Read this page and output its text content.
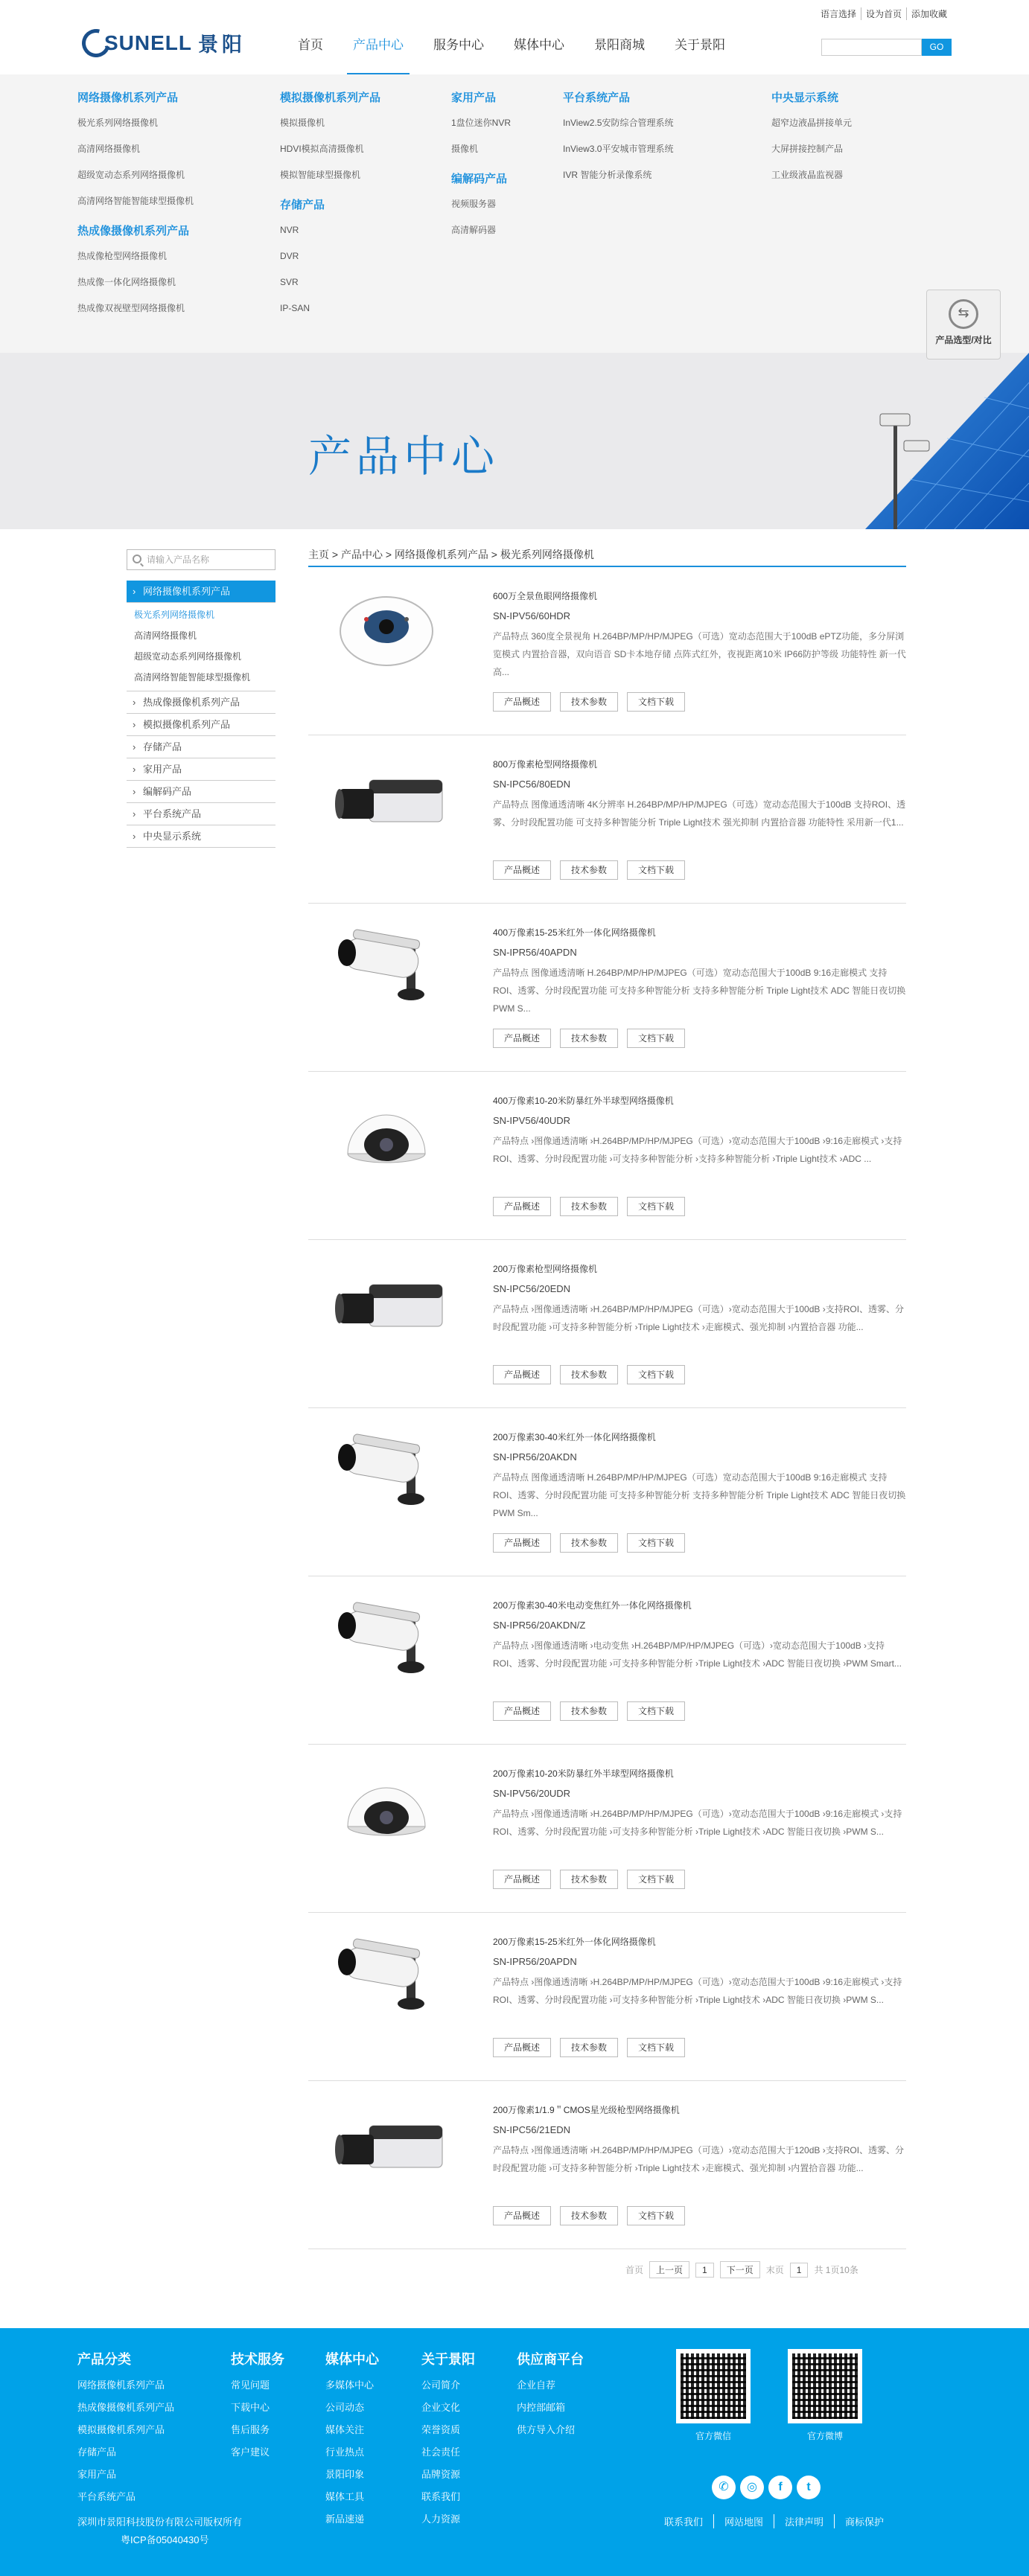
SUNELL 景阳
语言选择	设为首页	添加收藏
首页	产品中心	服务中心	媒体中心	景阳商城	关于景阳	GO
网络摄像机系列产品
极光系列网络摄像机
高清网络摄像机
超级宽动态系列网络摄像机
高清网络智能智能球型摄像机
热成像摄像机系列产品
热成像枪型网络摄像机
热成像一体化网络摄像机
热成像双视壁型网络摄像机
模拟摄像机系列产品
模拟摄像机
HDVI模拟高清摄像机
模拟智能球型摄像机
存储产品
NVR
DVR
SVR
IP-SAN
家用产品
1盘位迷你NVR
摄像机
编解码产品
视频服务器
高清解码器
平台系统产品
InView2.5安防综合管理系统
InView3.0平安城市管理系统
IVR 智能分析录像系统
中央显示系统
超窄边液晶拼接单元
大屏拼接控制产品
工业级液晶监视器
⇆
产品选型/对比
产品中心
请输入产品名称
› 网络摄像机系列产品
极光系列网络摄像机
高清网络摄像机
超级宽动态系列网络摄像机
高清网络智能智能球型摄像机
› 热成像摄像机系列产品
› 模拟摄像机系列产品
› 存储产品
› 家用产品
› 编解码产品
› 平台系统产品
› 中央显示系统
主页 > 产品中心 > 网络摄像机系列产品 > 极光系列网络摄像机
600万全景鱼眼网络摄像机
SN-IPV56/60HDR
产品特点 360度全景视角 H.264BP/MP/HP/MJPEG（可选）宽动态范围大于100dB ePTZ功能，多分屏浏览模式 内置拾音器，双向语音 SD卡本地存储 点阵式红外，夜视距离10米 IP66防护等级 功能特性 新一代高...
产品概述	技术参数	文档下载
800万像素枪型网络摄像机
SN-IPC56/80EDN
产品特点 图像通透清晰 4K分辨率 H.264BP/MP/HP/MJPEG（可选）宽动态范围大于100dB 支持ROI、透雾、分时段配置功能 可支持多种智能分析 Triple Light技术 强光抑制 内置拾音器 功能特性 采用新一代1...
产品概述	技术参数	文档下载
400万像素15-25米红外一体化网络摄像机
SN-IPR56/40APDN
产品特点 图像通透清晰 H.264BP/MP/HP/MJPEG（可选）宽动态范围大于100dB 9:16走廊模式 支持ROI、透雾、分时段配置功能 可支持多种智能分析 支持多种智能分析 Triple Light技术 ADC 智能日夜切换 PWM S...
产品概述	技术参数	文档下载
400万像素10-20米防暴红外半球型网络摄像机
SN-IPV56/40UDR
产品特点 ›图像通透清晰 ›H.264BP/MP/HP/MJPEG（可选）›宽动态范围大于100dB ›9:16走廊模式 ›支持ROI、透雾、分时段配置功能 ›可支持多种智能分析 ›支持多种智能分析 ›Triple Light技术 ›ADC ...
产品概述	技术参数	文档下载
200万像素枪型网络摄像机
SN-IPC56/20EDN
产品特点 ›图像通透清晰 ›H.264BP/MP/HP/MJPEG（可选）›宽动态范围大于100dB ›支持ROI、透雾、分时段配置功能 ›可支持多种智能分析 ›Triple Light技术 ›走廊模式、强光抑制 ›内置拾音器 功能...
产品概述	技术参数	文档下载
200万像素30-40米红外一体化网络摄像机
SN-IPR56/20AKDN
产品特点 图像通透清晰 H.264BP/MP/HP/MJPEG（可选）宽动态范围大于100dB 9:16走廊模式 支持ROI、透雾、分时段配置功能 可支持多种智能分析 支持多种智能分析 Triple Light技术 ADC 智能日夜切换 PWM Sm...
产品概述	技术参数	文档下载
200万像素30-40米电动变焦红外一体化网络摄像机
SN-IPR56/20AKDN/Z
产品特点 ›图像通透清晰 ›电动变焦 ›H.264BP/MP/HP/MJPEG（可选）›宽动态范围大于100dB ›支持ROI、透雾、分时段配置功能 ›可支持多种智能分析 ›Triple Light技术 ›ADC 智能日夜切换 ›PWM Smart...
产品概述	技术参数	文档下载
200万像素10-20米防暴红外半球型网络摄像机
SN-IPV56/20UDR
产品特点 ›图像通透清晰 ›H.264BP/MP/HP/MJPEG（可选）›宽动态范围大于100dB ›9:16走廊模式 ›支持ROI、透雾、分时段配置功能 ›可支持多种智能分析 ›Triple Light技术 ›ADC 智能日夜切换 ›PWM S...
产品概述	技术参数	文档下载
200万像素15-25米红外一体化网络摄像机
SN-IPR56/20APDN
产品特点 ›图像通透清晰 ›H.264BP/MP/HP/MJPEG（可选）›宽动态范围大于100dB ›9:16走廊模式 ›支持ROI、透雾、分时段配置功能 ›可支持多种智能分析 ›Triple Light技术 ›ADC 智能日夜切换 ›PWM S...
产品概述	技术参数	文档下载
200万像素1/1.9＂CMOS星光级枪型网络摄像机
SN-IPC56/21EDN
产品特点 ›图像通透清晰 ›H.264BP/MP/HP/MJPEG（可选）›宽动态范围大于120dB ›支持ROI、透雾、分时段配置功能 ›可支持多种智能分析 ›Triple Light技术 ›走廊模式、强光抑制 ›内置拾音器 功能...
产品概述	技术参数	文档下载
首页	上一页	1	下一页	末页	1	共 1页10条
产品分类
网络摄像机系列产品
热成像摄像机系列产品
模拟摄像机系列产品
存储产品
家用产品
平台系统产品
技术服务
常见问题
下载中心
售后服务
客户建议
媒体中心
多媒体中心
公司动态
媒体关注
行业热点
景阳印象
媒体工具
新品速递
关于景阳
公司简介
企业文化
荣誉资质
社会责任
品牌资源
联系我们
人力资源
供应商平台
企业自荐
内控部邮箱
供方导入介绍
官方微信	官方微博
✆	◎	f	t
深圳市景阳科技股份有限公司版权所有
粤ICP备05040430号
联系我们	网站地图	法律声明	商标保护
